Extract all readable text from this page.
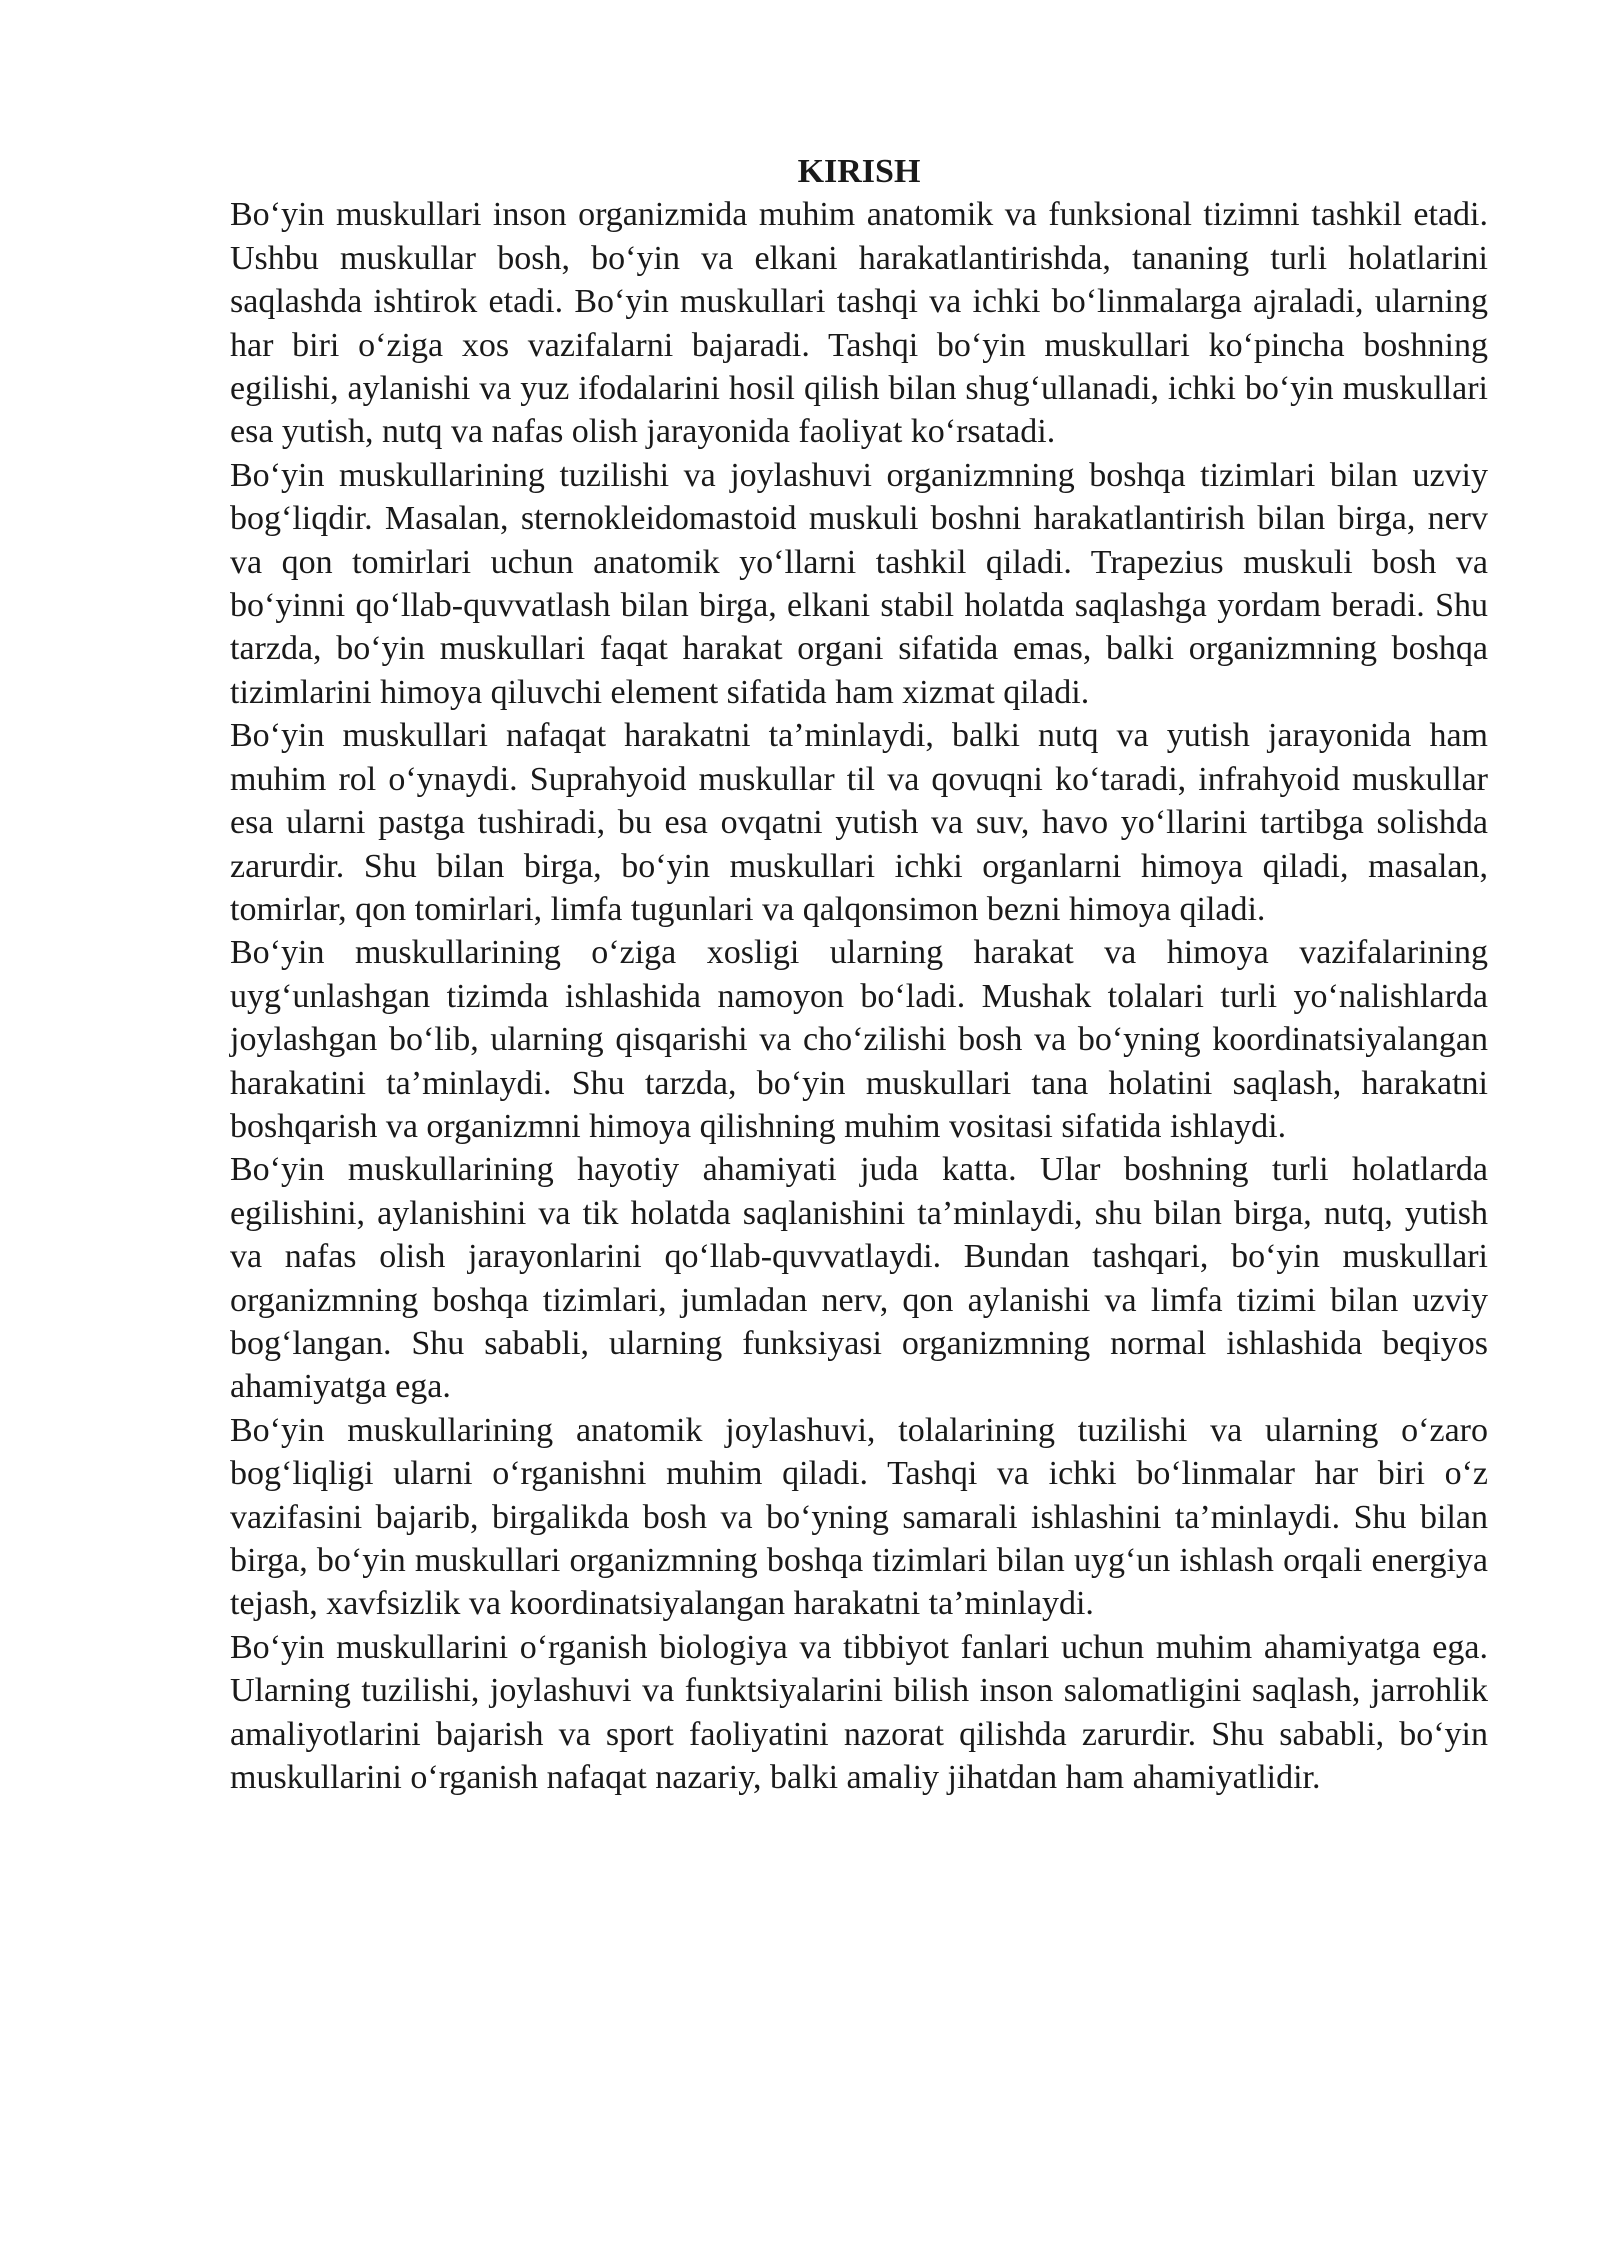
KIRISH

Bo‘yin muskullari inson organizmida muhim anatomik va funksional tizimni tashkil etadi. Ushbu muskullar bosh, bo‘yin va elkani harakatlantirishda, tananing turli holatlarini saqlashda ishtirok etadi. Bo‘yin muskullari tashqi va ichki bo‘linmalarga ajraladi, ularning har biri o‘ziga xos vazifalarni bajaradi. Tashqi bo‘yin muskullari ko‘pincha boshning egilishi, aylanishi va yuz ifodalarini hosil qilish bilan shug‘ullanadi, ichki bo‘yin muskullari esa yutish, nutq va nafas olish jarayonida faoliyat ko‘rsatadi.

Bo‘yin muskullarining tuzilishi va joylashuvi organizmning boshqa tizimlari bilan uzviy bog‘liqdir. Masalan, sternokleidomastoid muskuli boshni harakatlantirish bilan birga, nerv va qon tomirlari uchun anatomik yo‘llarni tashkil qiladi. Trapezius muskuli bosh va bo‘yinni qo‘llab-quvvatlash bilan birga, elkani stabil holatda saqlashga yordam beradi. Shu tarzda, bo‘yin muskullari faqat harakat organi sifatida emas, balki organizmning boshqa tizimlarini himoya qiluvchi element sifatida ham xizmat qiladi.

Bo‘yin muskullari nafaqat harakatni ta’minlaydi, balki nutq va yutish jarayonida ham muhim rol o‘ynaydi. Suprahyoid muskullar til va qovuqni ko‘taradi, infrahyoid muskullar esa ularni pastga tushiradi, bu esa ovqatni yutish va suv, havo yo‘llarini tartibga solishda zarurdir. Shu bilan birga, bo‘yin muskullari ichki organlarni himoya qiladi, masalan, tomirlar, qon tomirlari, limfa tugunlari va qalqonsimon bezni himoya qiladi.

Bo‘yin muskullarining o‘ziga xosligi ularning harakat va himoya vazifalarining uyg‘unlashgan tizimda ishlashida namoyon bo‘ladi. Mushak tolalari turli yo‘nalishlarda joylashgan bo‘lib, ularning qisqarishi va cho‘zilishi bosh va bo‘yning koordinatsiyalangan harakatini ta’minlaydi. Shu tarzda, bo‘yin muskullari tana holatini saqlash, harakatni boshqarish va organizmni himoya qilishning muhim vositasi sifatida ishlaydi.

Bo‘yin muskullarining hayotiy ahamiyati juda katta. Ular boshning turli holatlarda egilishini, aylanishini va tik holatda saqlanishini ta’minlaydi, shu bilan birga, nutq, yutish va nafas olish jarayonlarini qo‘llab-quvvatlaydi. Bundan tashqari, bo‘yin muskullari organizmning boshqa tizimlari, jumladan nerv, qon aylanishi va limfa tizimi bilan uzviy bog‘langan. Shu sababli, ularning funksiyasi organizmning normal ishlashida beqiyos ahamiyatga ega.

Bo‘yin muskullarining anatomik joylashuvi, tolalarining tuzilishi va ularning o‘zaro bog‘liqligi ularni o‘rganishni muhim qiladi. Tashqi va ichki bo‘linmalar har biri o‘z vazifasini bajarib, birgalikda bosh va bo‘yning samarali ishlashini ta’minlaydi. Shu bilan birga, bo‘yin muskullari organizmning boshqa tizimlari bilan uyg‘un ishlash orqali energiya tejash, xavfsizlik va koordinatsiyalangan harakatni ta’minlaydi.

Bo‘yin muskullarini o‘rganish biologiya va tibbiyot fanlari uchun muhim ahamiyatga ega. Ularning tuzilishi, joylashuvi va funktsiyalarini bilish inson salomatligini saqlash, jarrohlik amaliyotlarini bajarish va sport faoliyatini nazorat qilishda zarurdir. Shu sababli, bo‘yin muskullarini o‘rganish nafaqat nazariy, balki amaliy jihatdan ham ahamiyatlidir.
